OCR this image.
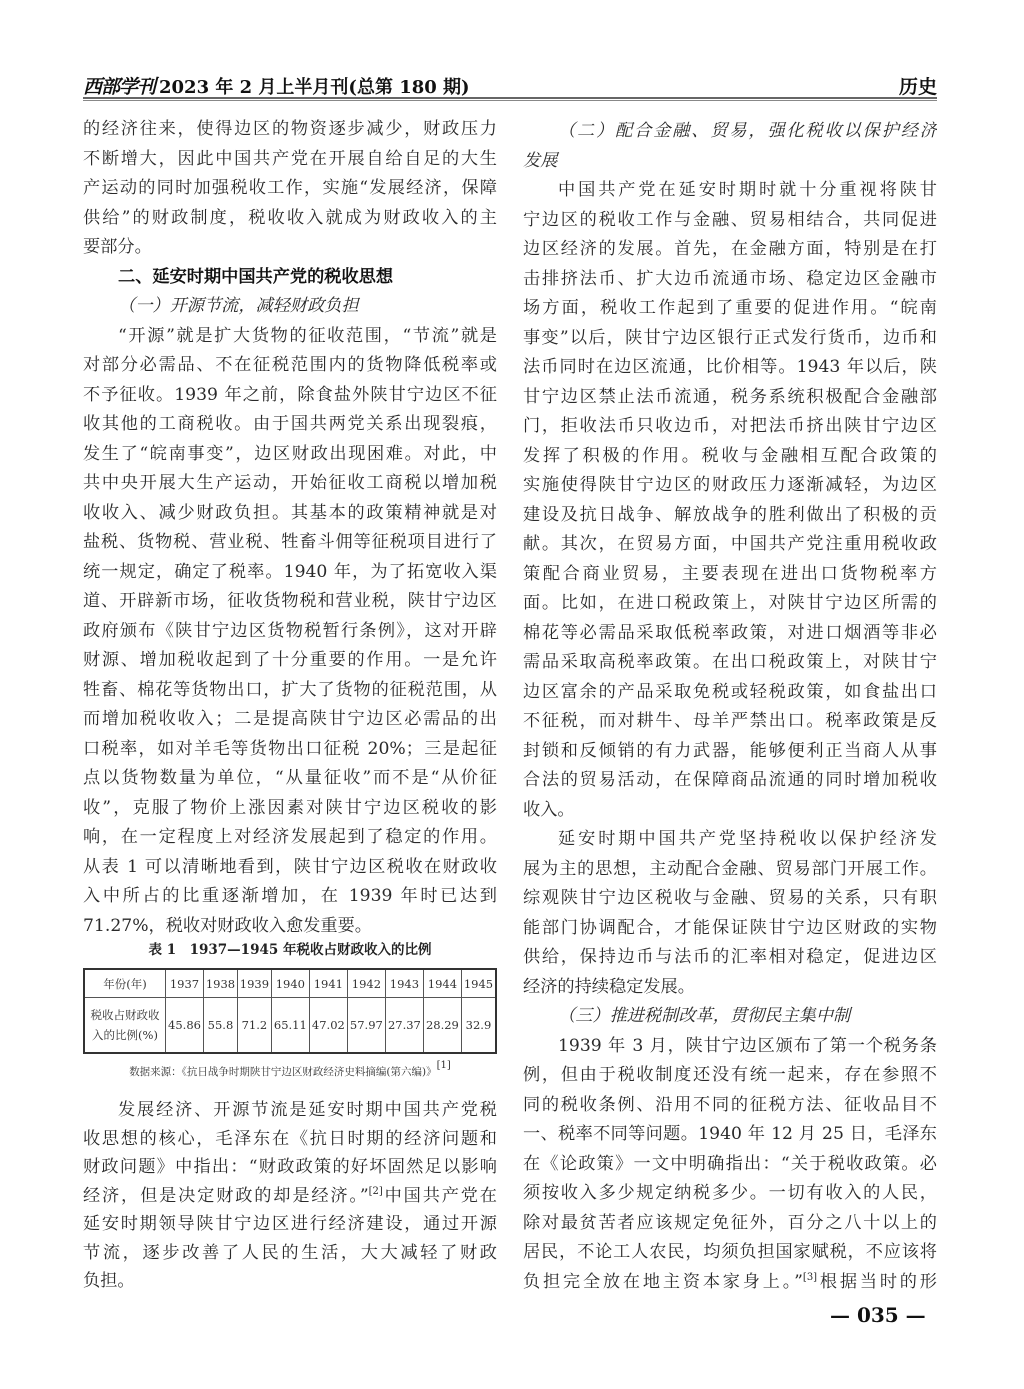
西部学刊 2023 年 2 月上半月刊(总第 180 期)	历史
的经济往来，使得边区的物资逐步减少，财政压力
不断增大，因此中国共产党在开展自给自足的大生
产运动的同时加强税收工作，实施“发展经济，保障
供给”的财政制度，税收收入就成为财政收入的主
要部分。
二、延安时期中国共产党的税收思想
（一）开源节流，减轻财政负担
“开源”就是扩大货物的征收范围，“节流”就是
对部分必需品、不在征税范围内的货物降低税率或
不予征收。1939 年之前，除食盐外陕甘宁边区不征
收其他的工商税收。由于国共两党关系出现裂痕，
发生了“皖南事变”，边区财政出现困难。对此，中
共中央开展大生产运动，开始征收工商税以增加税
收收入、减少财政负担。其基本的政策精神就是对
盐税、货物税、营业税、牲畜斗佣等征税项目进行了
统一规定，确定了税率。1940 年，为了拓宽收入渠
道、开辟新市场，征收货物税和营业税，陕甘宁边区
政府颁布《陕甘宁边区货物税暂行条例》，这对开辟
财源、增加税收起到了十分重要的作用。一是允许
牲畜、棉花等货物出口，扩大了货物的征税范围，从
而增加税收收入；二是提高陕甘宁边区必需品的出
口税率，如对羊毛等货物出口征税 20%；三是起征
点以货物数量为单位，“从量征收”而不是“从价征
收”，克服了物价上涨因素对陕甘宁边区税收的影
响，在一定程度上对经济发展起到了稳定的作用。
从表 1 可以清晰地看到，陕甘宁边区税收在财政收
入中所占的比重逐渐增加，在 1939 年时已达到
71.27%，税收对财政收入愈发重要。
表 1　1937—1945 年税收占财政收入的比例
年份(年)	1937	1938	1939	1940	1941	1942	1943	1944	1945
税收占财政收入的比例(%)	45.86	55.8	71.2	65.11	47.02	57.97	27.37	28.29	32.9
数据来源：《抗日战争时期陕甘宁边区财政经济史料摘编(第六编)》[1]
发展经济、开源节流是延安时期中国共产党税
收思想的核心，毛泽东在《抗日时期的经济问题和
财政问题》中指出：“财政政策的好坏固然足以影响
经济，但是决定财政的却是经济。”[2]中国共产党在
延安时期领导陕甘宁边区进行经济建设，通过开源
节流，逐步改善了人民的生活，大大减轻了财政
负担。
（二）配合金融、贸易，强化税收以保护经济
发展
中国共产党在延安时期时就十分重视将陕甘
宁边区的税收工作与金融、贸易相结合，共同促进
边区经济的发展。首先，在金融方面，特别是在打
击排挤法币、扩大边币流通市场、稳定边区金融市
场方面，税收工作起到了重要的促进作用。“皖南
事变”以后，陕甘宁边区银行正式发行货币，边币和
法币同时在边区流通，比价相等。1943 年以后，陕
甘宁边区禁止法币流通，税务系统积极配合金融部
门，拒收法币只收边币，对把法币挤出陕甘宁边区
发挥了积极的作用。税收与金融相互配合政策的
实施使得陕甘宁边区的财政压力逐渐减轻，为边区
建设及抗日战争、解放战争的胜利做出了积极的贡
献。其次，在贸易方面，中国共产党注重用税收政
策配合商业贸易，主要表现在进出口货物税率方
面。比如，在进口税政策上，对陕甘宁边区所需的
棉花等必需品采取低税率政策，对进口烟酒等非必
需品采取高税率政策。在出口税政策上，对陕甘宁
边区富余的产品采取免税或轻税政策，如食盐出口
不征税，而对耕牛、母羊严禁出口。税率政策是反
封锁和反倾销的有力武器，能够便利正当商人从事
合法的贸易活动，在保障商品流通的同时增加税收
收入。
延安时期中国共产党坚持税收以保护经济发
展为主的思想，主动配合金融、贸易部门开展工作。
综观陕甘宁边区税收与金融、贸易的关系，只有职
能部门协调配合，才能保证陕甘宁边区财政的实物
供给，保持边币与法币的汇率相对稳定，促进边区
经济的持续稳定发展。
（三）推进税制改革，贯彻民主集中制
1939 年 3 月，陕甘宁边区颁布了第一个税务条
例，但由于税收制度还没有统一起来，存在参照不
同的税收条例、沿用不同的征税方法、征收品目不
一、税率不同等问题。1940 年 12 月 25 日，毛泽东
在《论政策》一文中明确指出：“关于税收政策。必
须按收入多少规定纳税多少。一切有收入的人民，
除对最贫苦者应该规定免征外，百分之八十以上的
居民，不论工人农民，均须负担国家赋税，不应该将
负担完全放在地主资本家身上。”[3]根据当时的形
— 035 —
